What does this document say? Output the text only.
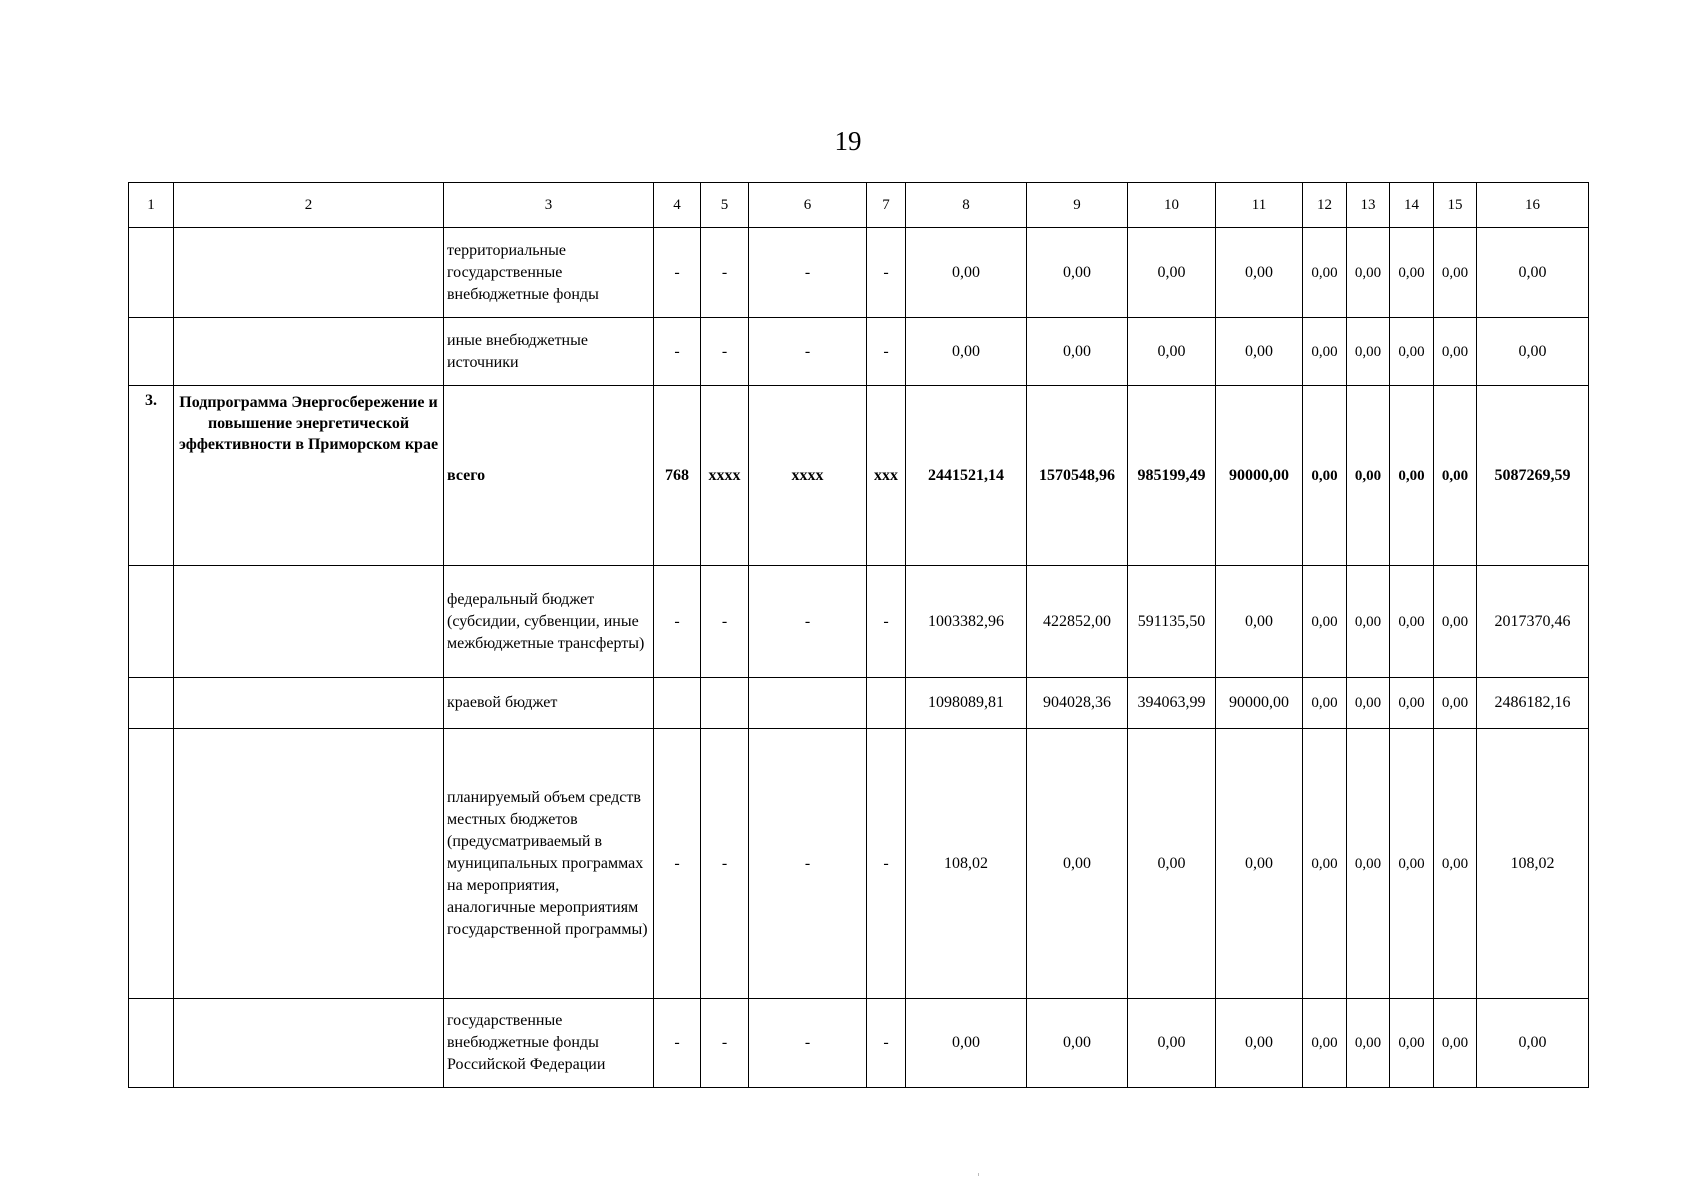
19
1	2	3	4	5	6	7	8	9	10	11	12	13	14	15	16
		территориальные государственные внебюджетные фонды	-	-	-	-	0,00	0,00	0,00	0,00	0,00	0,00	0,00	0,00	0,00
		иные внебюджетные источники	-	-	-	-	0,00	0,00	0,00	0,00	0,00	0,00	0,00	0,00	0,00
3.	Подпрограмма Энергосбережение и повышение энергетической эффективности в Приморском крае	всего	768	xxxx	xxxx	xxx	2441521,14	1570548,96	985199,49	90000,00	0,00	0,00	0,00	0,00	5087269,59
		федеральный бюджет (субсидии, субвенции, иные межбюджетные трансферты)	-	-	-	-	1003382,96	422852,00	591135,50	0,00	0,00	0,00	0,00	0,00	2017370,46
		краевой бюджет					1098089,81	904028,36	394063,99	90000,00	0,00	0,00	0,00	0,00	2486182,16
		планируемый объем средств местных бюджетов (предусматриваемый в муниципальных программах на мероприятия, аналогичные мероприятиям государственной программы)	-	-	-	-	108,02	0,00	0,00	0,00	0,00	0,00	0,00	0,00	108,02
		государственные внебюджетные фонды Российской Федерации	-	-	-	-	0,00	0,00	0,00	0,00	0,00	0,00	0,00	0,00	0,00
